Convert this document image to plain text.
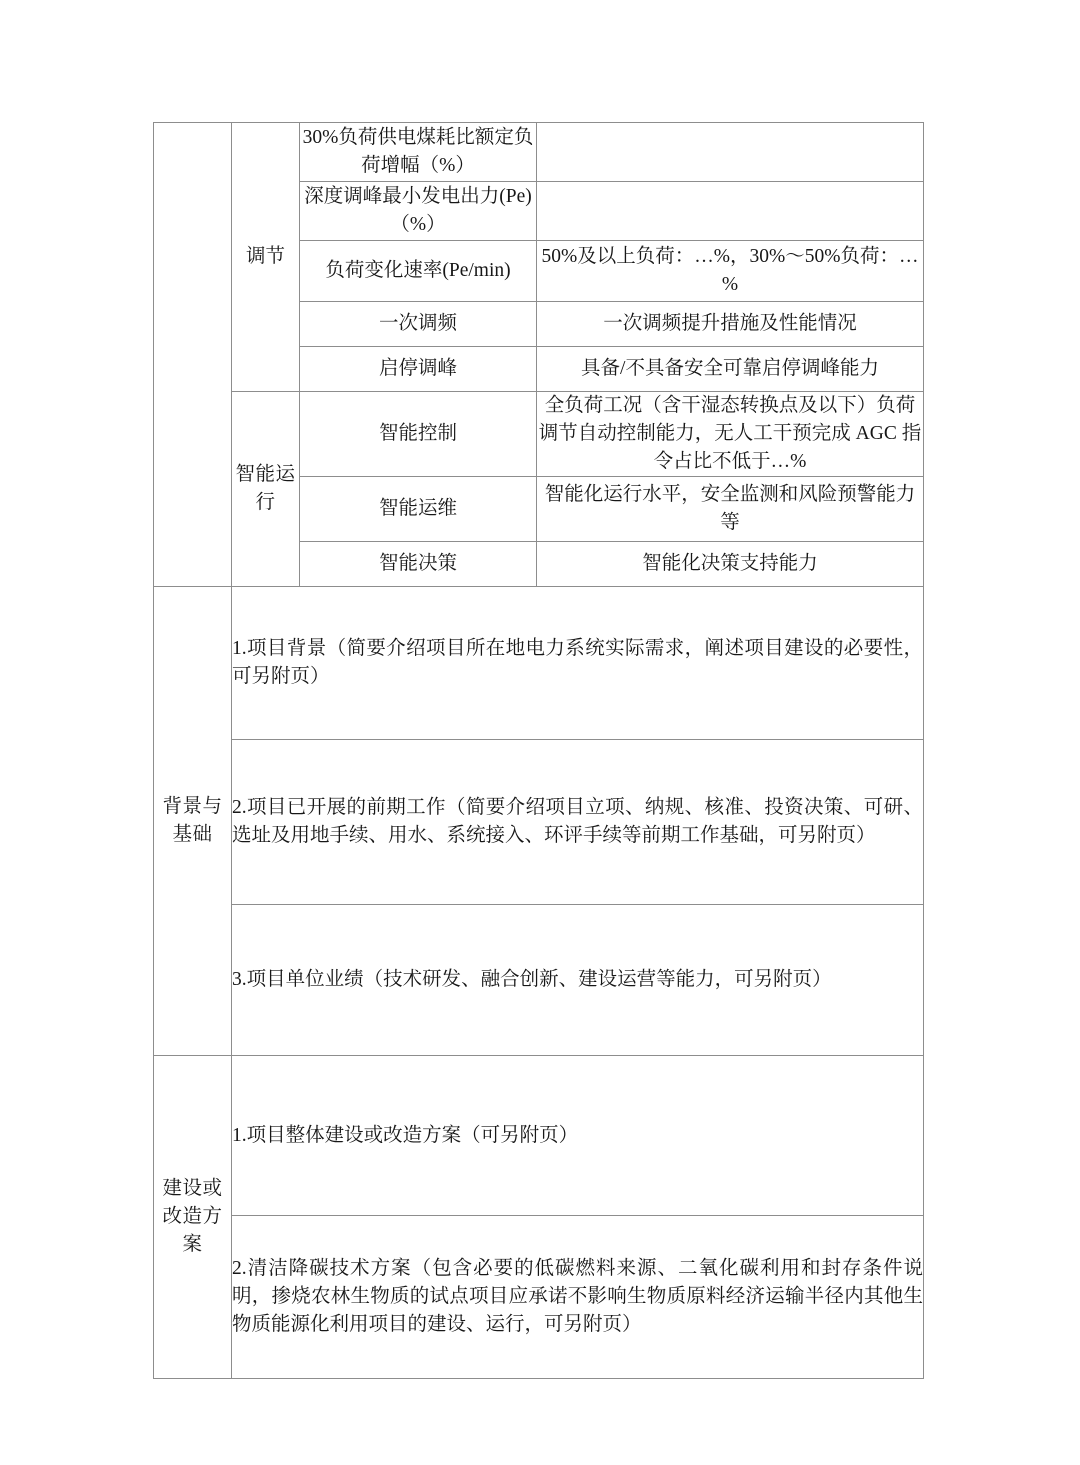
	调节	30%负荷供电煤耗比额定负荷增幅（%）	
		深度调峰最小发电出力(Pe)（%）	
		负荷变化速率(Pe/min)	50%及以上负荷：…%，30%～50%负荷：…%
		一次调频	一次调频提升措施及性能情况
		启停调峰	具备/不具备安全可靠启停调峰能力
	智能运行	智能控制	全负荷工况（含干湿态转换点及以下）负荷调节自动控制能力，无人工干预完成 AGC 指令占比不低于…%
		智能运维	智能化运行水平，安全监测和风险预警能力等
		智能决策	智能化决策支持能力
背景与基础	1.项目背景（简要介绍项目所在地电力系统实际需求，阐述项目建设的必要性，可另附页）		
	2.项目已开展的前期工作（简要介绍项目立项、纳规、核准、投资决策、可研、选址及用地手续、用水、系统接入、环评手续等前期工作基础，可另附页）		
	3.项目单位业绩（技术研发、融合创新、建设运营等能力，可另附页）		
建设或改造方案	1.项目整体建设或改造方案（可另附页）		
	2.清洁降碳技术方案（包含必要的低碳燃料来源、二氧化碳利用和封存条件说明，掺烧农林生物质的试点项目应承诺不影响生物质原料经济运输半径内其他生物质能源化利用项目的建设、运行，可另附页）		
